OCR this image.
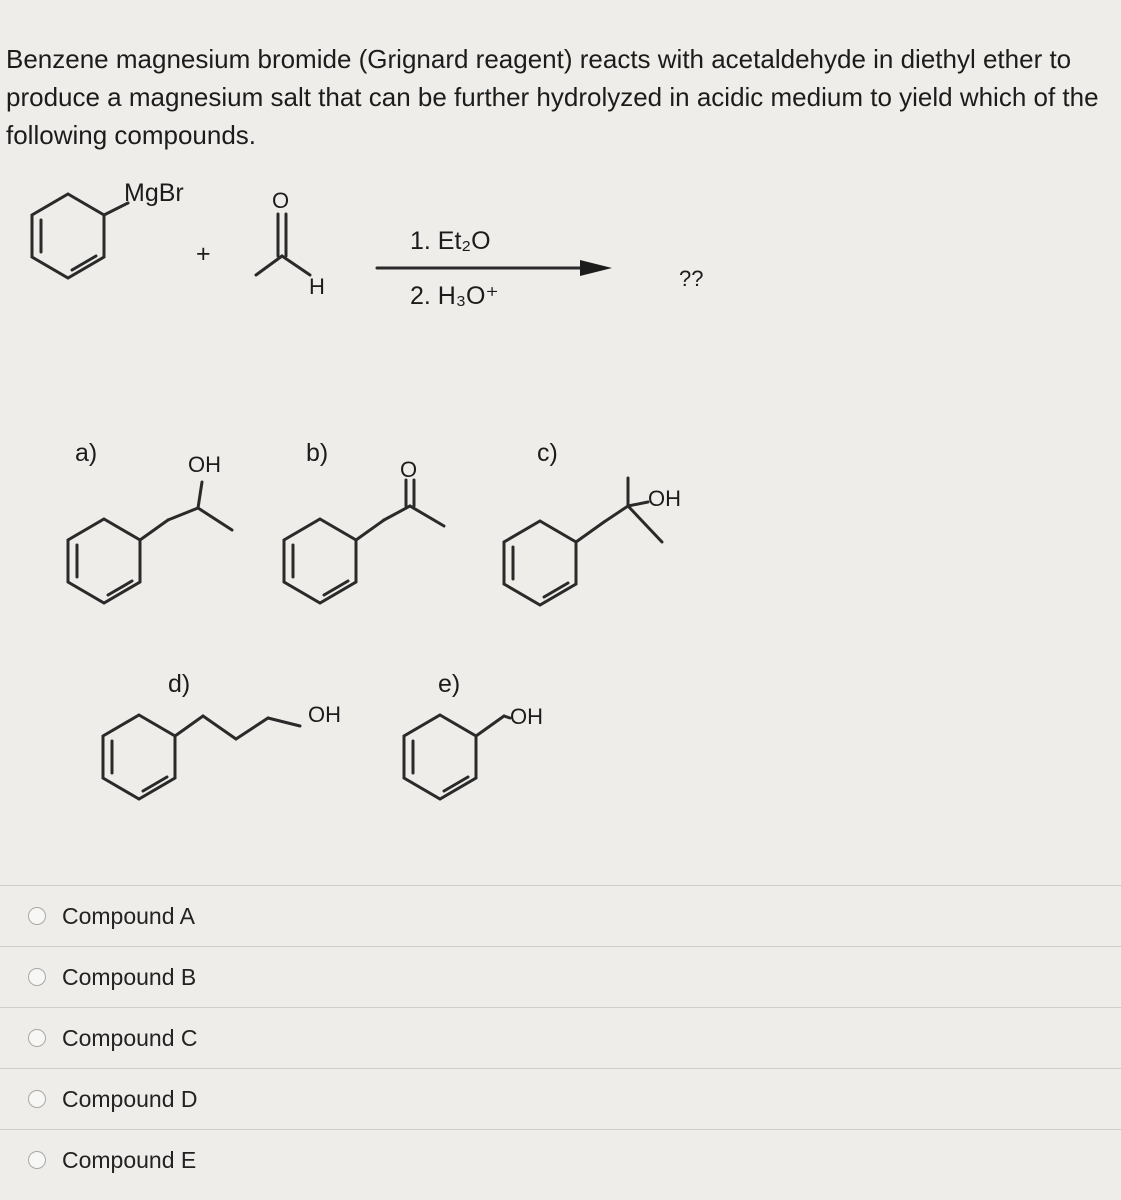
Benzene magnesium bromide (Grignard reagent) reacts with acetaldehyde in diethyl ether to produce a magnesium salt that can be further hydrolyzed in acidic medium to yield which of the following compounds.

MgBr
+
O
H
1. Et₂O
2. H₃O⁺
??
a)	OH	b)
O
c)
OH
d)
OH
e)
OH
Compound A
Compound B
Compound C
Compound D
Compound E
